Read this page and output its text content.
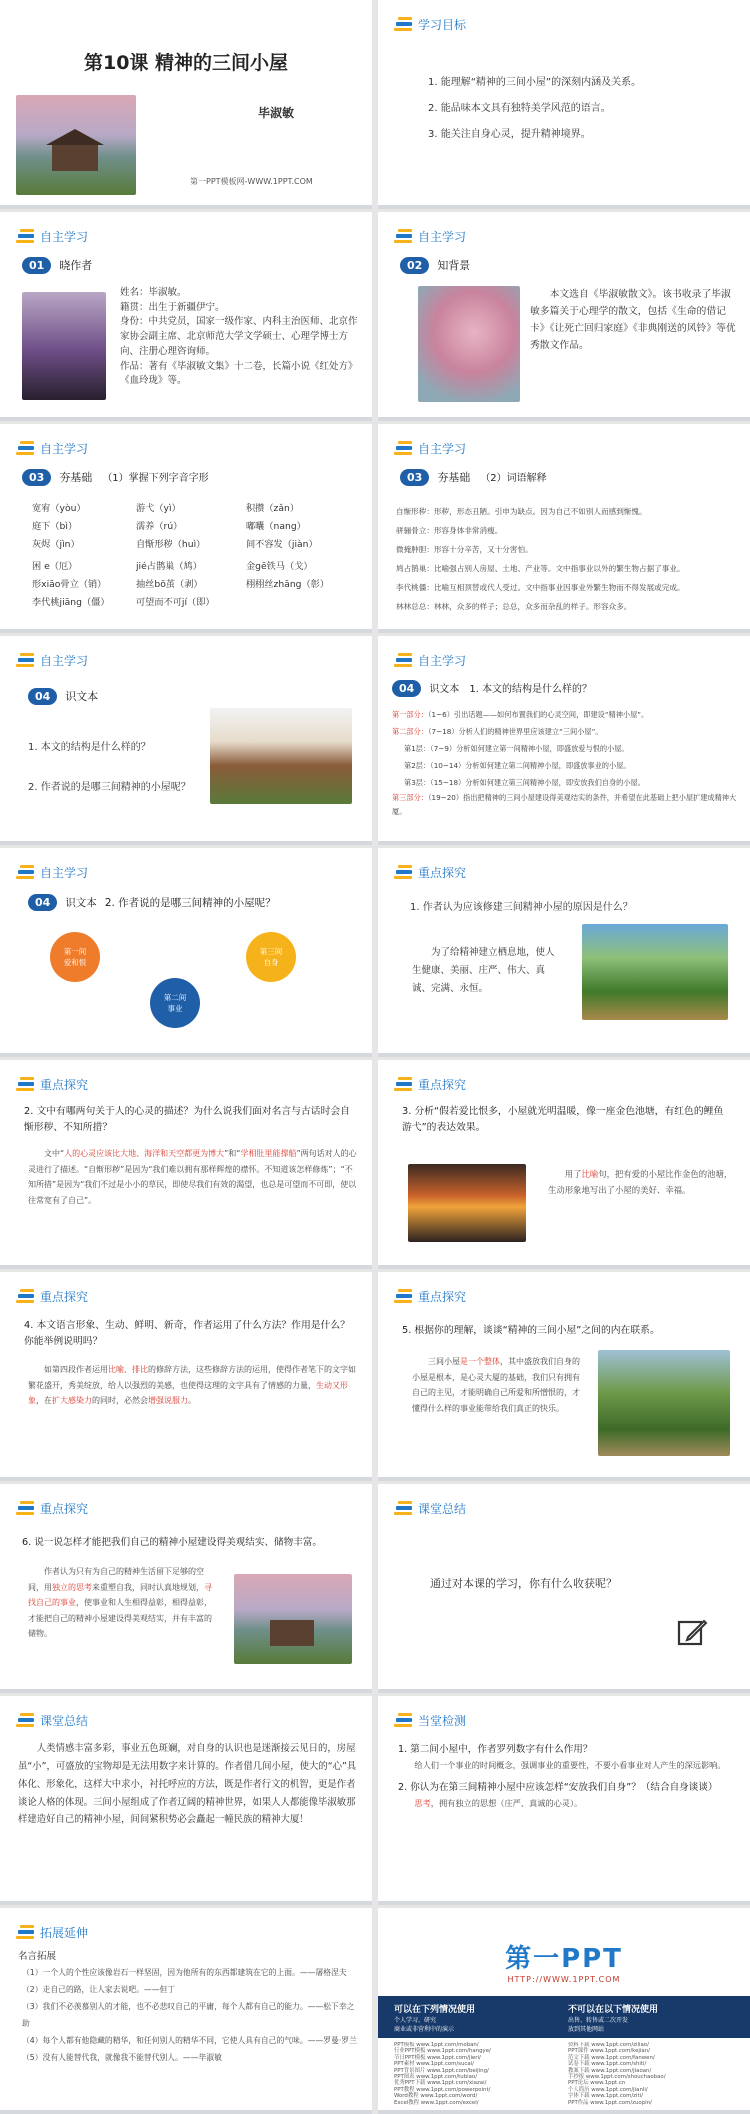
第10课 精神的三间小屋
毕淑敏
第一PPT模板网-WWW.1PPT.COM
学习目标
1. 能理解“精神的三间小屋”的深刻内涵及关系。
2. 能品味本文具有独特美学风范的语言。
3. 能关注自身心灵，提升精神境界。
自主学习
01 晓作者
姓名：毕淑敏。
籍贯：出生于新疆伊宁。
身份：中共党员，国家一级作家、内科主治医师、北京作家协会副主席、北京师范大学文学硕士、心理学博士方向、注册心理咨询师。
作品：著有《毕淑敏文集》十二卷，长篇小说《红处方》《血玲珑》等。
自主学习
02 知背景
本文选自《毕淑敏散文》。该书收录了毕淑敏多篇关于心理学的散文，包括《生命的借记卡》《让死亡回归家庭》《非典刚送的风铃》等优秀散文作品。
自主学习
03 夯基础 （1）掌握下列字音字形
宽宥（yòu）	游弋（yì）	积攒（zǎn）
庭下（bì）	濡养（rú）	嘟囔（nang）
灰烬（jìn）	自惭形秽（huì）	间不容发（jiàn）
困 e（厄）	jié占鹊巢（鸠）	金gē铁马（戈）
形xiāo骨立（销）	抽丝bō茧（剥）	栩栩丝zhāng（彰）
李代桃jiāng（僵）	可望而不可jí（即）
自主学习
03 夯基础 （2）词语解释
自惭形秽：形秽，形态丑陋。引申为缺点。因为自己不如别人而感到惭愧。
骈骊骨立：形容身体非常消瘦。
微掩肿胆：形容十分辛苦，又十分害怕。
鸠占鹊巢：比喻强占别人房屋、土地、产业等。文中指事业以外的繁生物占据了事业。
李代桃僵：比喻互相顶替或代人受过。文中指事业因事业外繁生物而不得发展或完成。
林林总总：林林，众多的样子；总总，众多而杂乱的样子。形容众多。
自主学习
04 识文本
1. 本文的结构是什么样的？
2. 作者说的是哪三间精神的小屋呢？
自主学习
04 识文本 1. 本文的结构是什么样的？
第一部分：（1~6）引出话题——如何布置我们的心灵空间，即建设“精神小屋”。
第二部分：（7~18）分析人们的精神世界里应该建立“三间小屋”。
第1层：（7~9）分析如何建立第一间精神小屋，即盛放爱与恨的小屋。
第2层：（10~14）分析如何建立第二间精神小屋，即盛放事业的小屋。
第3层：（15~18）分析如何建立第三间精神小屋，即安放我们自身的小屋。
第三部分：（19~20）指出把精神的三间小屋建设得美观结实的条件，并希望在此基础上把小屋扩建成精神大厦。
自主学习
04 识文本 2. 作者说的是哪三间精神的小屋呢？
第一间
爱和恨
第二间
事业
第三间
自身
重点探究
1. 作者认为应该修建三间精神小屋的原因是什么？
为了给精神建立栖息地，使人生健康、美丽、庄严、伟大、真诚、完满、永恒。
重点探究
2. 文中有哪两句关于人的心灵的描述？为什么说我们面对名言与古话时会自惭形秽、不知所措？
文中“人的心灵应该比大地、海洋和天空都更为博大”和“学相肚里能撑船”两句话对人的心灵进行了描述。“自惭形秽”是因为“我们难以拥有那样辉煌的襟怀。不知道该怎样修炼”；“不知所措”是因为“我们不过是小小的草民，即使尽我们有效的渴望，也总是可望而不可即，使以往常宽有了自己”。
重点探究
3. 分析“假若爱比恨多，小屋就光明温暖，像一座金色池塘，有红色的鲤鱼游弋”的表达效果。
用了比喻句，把有爱的小屋比作金色的池塘，生动形象地写出了小屋的美好、幸福。
重点探究
4. 本文语言形象、生动、鲜明、新奇，作者运用了什么方法？作用是什么？你能举例说明吗？
如第四段作者运用比喻、排比的修辞方法，这些修辞方法的运用，使得作者笔下的文字如繁花盛开，秀美绽放，给人以强烈的美感，也使得这理的文字具有了情感的力量，生动又形象，在扩大感染力的同时，必然会增强说服力。
重点探究
5. 根据你的理解，谈谈“精神的三间小屋”之间的内在联系。
三间小屋是一个整体，其中盛放我们自身的小屋是根本，是心灵大厦的基础，我们只有拥有自己的主见，才能明确自己所爱和所憎恨的，才懂得什么样的事业能带给我们真正的快乐。
重点探究
6. 说一说怎样才能把我们自己的精神小屋建设得美观结实、储物丰富。
作者认为只有为自己的精神生活留下足够的空间，用独立的思考来重塑自我，同时认真地规划，寻找自己的事业，使事业和人生相得益彰，相得益彰，才能把自己的精神小屋建设得美观结实，并有丰富的储物。
课堂总结
通过对本课的学习，你有什么收获呢？
课堂总结
人类情感丰富多彩，事业五色斑斓，对自身的认识也是迷渐接云见日的，房屋虽“小”，可盛放的宝物却是无法用数字来计算的。作者借几间小屋，使大的“心”具体化、形象化，这样大中求小，衬托呼应的方法，既是作者行文的机智，更是作者谈论人格的体现。三间小屋组成了作者辽阔的精神世界，如果人人都能像毕淑敏那样建造好自己的精神小屋，间间紧积势必会矗起一幢民族的精神大厦！
当堂检测
1. 第二间小屋中，作者罗列数字有什么作用？
给人们一个事业的时间概念，强调事业的重要性，不要小看事业对人产生的深远影响。
2. 你认为在第三间精神小屋中应该怎样“安放我们自身”？（结合自身谈谈）
思考，拥有独立的思想（庄严、真诚的心灵）。
拓展延伸
名言拓展
（1）一个人的个性应该像岩石一样坚固，因为他所有的东西都建筑在它的上面。——屠格涅夫
（2）走自己的路，让人家去说吧。——但丁
（3）我们不必羡慕别人的才能，也不必悲叹自己的平庸，每个人都有自己的能力。——松下幸之助
（4）每个人都有他隐藏的精华，和任何别人的精华不同，它使人具有自己的气味。——罗曼·罗兰
（5）没有人能替代我，就像我不能替代别人。——毕淑敏
第一PPT
HTTP://WWW.1PPT.COM
可以在下列情况使用
个人学习、研究
商业或非营利中的演示
不可以在以下情况使用
出售、转售或二次开发
放到其他网站
PPT模板 www.1ppt.com/moban/
行业PPT模板 www.1ppt.com/hangye/
节日PPT模板 www.1ppt.com/jieri/
PPT素材 www.1ppt.com/sucai/
PPT背景图片 www.1ppt.com/beijing/
PPT图表 www.1ppt.com/tubiao/
优秀PPT下载 www.1ppt.com/xiazai/
PPT教程 www.1ppt.com/powerpoint/
Word教程 www.1ppt.com/word/
Excel教程 www.1ppt.com/excel/
资料下载 www.1ppt.com/ziliao/
PPT课件 www.1ppt.com/kejian/
范文下载 www.1ppt.com/fanwen/
试卷下载 www.1ppt.com/shiti/
教案下载 www.1ppt.com/jiaoan/
手抄报 www.1ppt.com/shouchaobao/
PPT论坛 www.1ppt.cn
个人简历 www.1ppt.com/jianli/
字体下载 www.1ppt.com/ziti/
PPT作品 www.1ppt.com/zuopin/
